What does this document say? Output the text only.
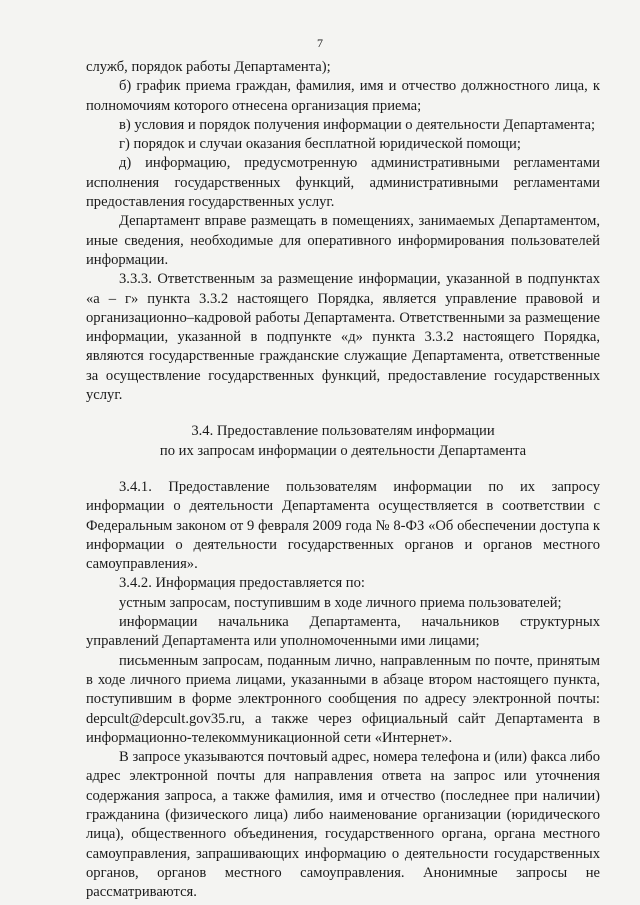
7

служб, порядок работы Департамента);

б) график приема граждан, фамилия, имя и отчество должностного лица, к полномочиям которого отнесена организация приема;

в) условия и порядок получения информации о деятельности Департамента;

г) порядок и случаи оказания бесплатной юридической помощи;

д) информацию, предусмотренную административными регламентами исполнения государственных функций, административными регламентами предоставления государственных услуг.

Департамент вправе размещать в помещениях, занимаемых Департаментом, иные сведения, необходимые для оперативного информирования пользователей информации.

3.3.3. Ответственным за размещение информации, указанной в подпунктах «а – г» пункта 3.3.2 настоящего Порядка, является управление правовой и организационно–кадровой работы Департамента. Ответственными за размещение информации, указанной в подпункте «д» пункта 3.3.2 настоящего Порядка, являются государственные гражданские служащие Департамента, ответственные за осуществление государственных функций, предоставление государственных услуг.

3.4. Предоставление пользователям информации

по их запросам информации о деятельности Департамента

3.4.1. Предоставление пользователям информации по их запросу информации о деятельности Департамента осуществляется в соответствии с Федеральным законом от 9 февраля 2009 года № 8-ФЗ «Об обеспечении доступа к информации о деятельности государственных органов и органов местного самоуправления».

3.4.2. Информация предоставляется по:

устным запросам, поступившим в ходе личного приема пользователей;

информации начальника Департамента, начальников структурных управлений Департамента или уполномоченными ими лицами;

письменным запросам, поданным лично, направленным по почте, принятым в ходе личного приема лицами, указанными в абзаце втором настоящего пункта, поступившим в форме электронного сообщения по адресу электронной почты: depcult@depcult.gov35.ru, а также через официальный сайт Департамента в информационно-телекоммуникационной сети «Интернет».

В запросе указываются почтовый адрес, номера телефона и (или) факса либо адрес электронной почты для направления ответа на запрос или уточнения содержания запроса, а также фамилия, имя и отчество (последнее при наличии) гражданина (физического лица) либо наименование организации (юридического лица), общественного объединения, государственного органа, органа местного самоуправления, запрашивающих информацию о деятельности государственных органов, органов местного самоуправления. Анонимные запросы не рассматриваются.
